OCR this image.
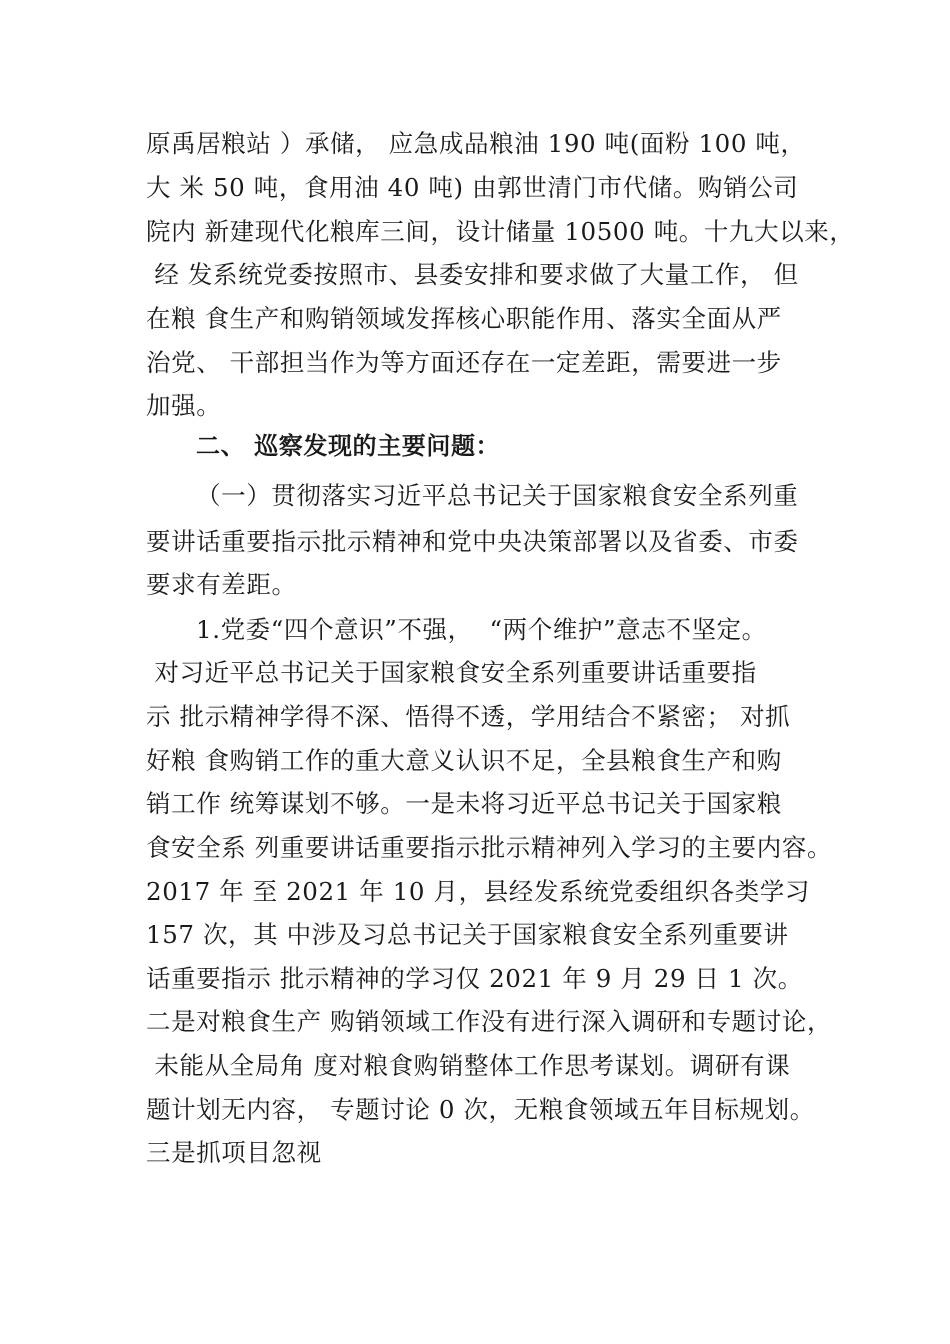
原禹居粮站 ）承储， 应急成品粮油 190 吨(面粉 100 吨，
大 米 50 吨，食用油 40 吨) 由郭世清门市代储。购销公司
院内 新建现代化粮库三间，设计储量 10500 吨。十九大以来，
经 发系统党委按照市、县委安排和要求做了大量工作， 但
在粮 食生产和购销领域发挥核心职能作用、落实全面从严
治党、 干部担当作为等方面还存在一定差距，需要进一步
加强。
二、 巡察发现的主要问题：
（一）贯彻落实习近平总书记关于国家粮食安全系列重
要讲话重要指示批示精神和党中央决策部署以及省委、市委
要求有差距。
1.党委“四个意识”不强，  “两个维护”意志不坚定。
对习近平总书记关于国家粮食安全系列重要讲话重要指
示 批示精神学得不深、悟得不透，学用结合不紧密； 对抓
好粮 食购销工作的重大意义认识不足，全县粮食生产和购
销工作 统筹谋划不够。一是未将习近平总书记关于国家粮
食安全系 列重要讲话重要指示批示精神列入学习的主要内容。
2017 年 至 2021 年 10 月，县经发系统党委组织各类学习
157 次，其 中涉及习总书记关于国家粮食安全系列重要讲
话重要指示 批示精神的学习仅 2021 年 9 月 29 日 1 次。
二是对粮食生产 购销领域工作没有进行深入调研和专题讨论，
未能从全局角 度对粮食购销整体工作思考谋划。调研有课
题计划无内容， 专题讨论 0 次，无粮食领域五年目标规划。
三是抓项目忽视
